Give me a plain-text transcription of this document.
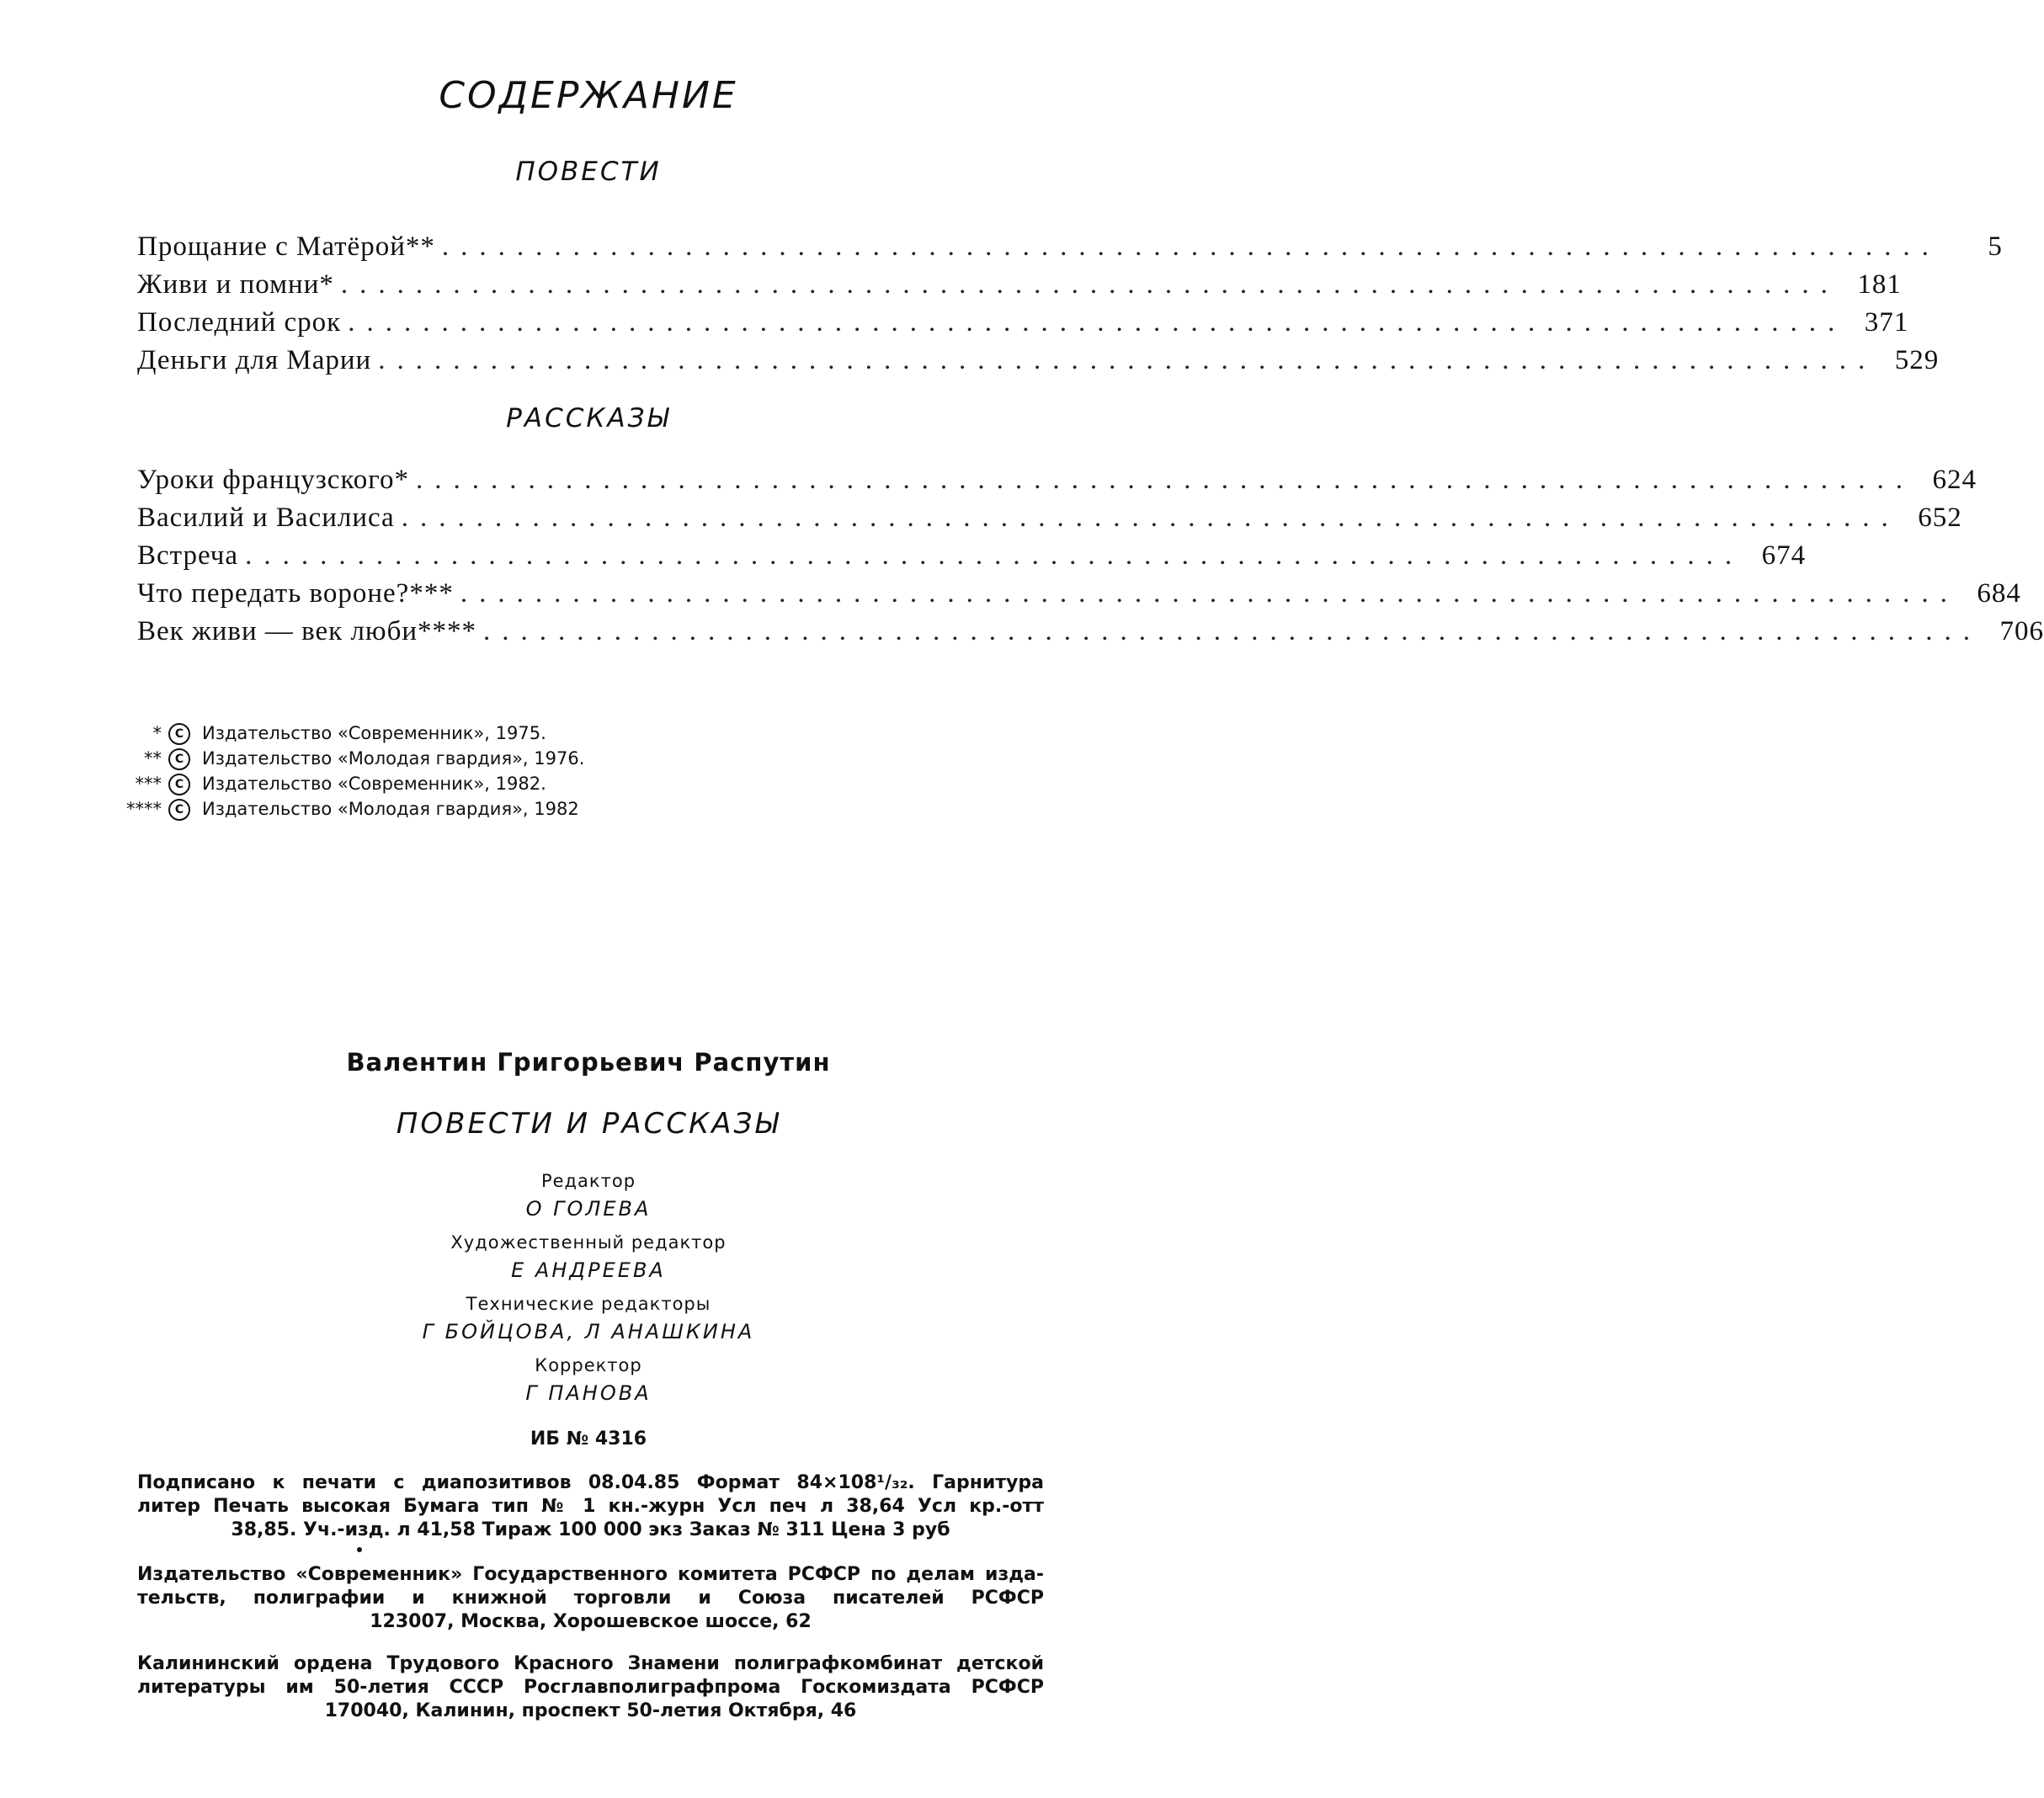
СОДЕРЖАНИЕ
ПОВЕСТИ
Прощание с Матёрой** ................................................................................	5
Живи и помни* ................................................................................ 181
Последний срок ................................................................................ 371
Деньги для Марии ................................................................................ 529
РАССКАЗЫ
Уроки французского* ................................................................................ 624
Василий и Василиса ................................................................................ 652
Встреча ................................................................................ 674
Что передать вороне?*** ................................................................................ 684
Век живи — век люби**** ................................................................................ 706
*	C	Издательство «Современник», 1975.
**	C	Издательство «Молодая гвардия», 1976.
***	C	Издательство «Современник», 1982.
****	C	Издательство «Молодая гвардия», 1982
Валентин Григорьевич Распутин
ПОВЕСТИ И РАССКАЗЫ
Редактор
О ГОЛЕВА
Художественный редактор
Е АНДРЕЕВА
Технические редакторы
Г БОЙЦОВА, Л АНАШКИНА
Корректор
Г ПАНОВА
ИБ № 4316
Подписано к печати с диапозитивов 08.04.85 Формат 84×108¹/₃₂. Гарнитура
литер Печать высокая Бумага тип № 1 кн.-журн Усл печ л 38,64 Усл кр.-отт
38,85. Уч.-изд. л 41,58 Тираж 100 000 экз Заказ № 311 Цена 3 руб
Издательство «Современник» Государственного комитета РСФСР по делам изда-
тельств, полиграфии и книжной торговли и Союза писателей РСФСР
123007, Москва, Хорошевское шоссе, 62
Калининский ордена Трудового Красного Знамени полиграфкомбинат детской
литературы им 50-летия СССР Росглавполиграфпрома Госкомиздата РСФСР
170040, Калинин, проспект 50-летия Октября, 46
